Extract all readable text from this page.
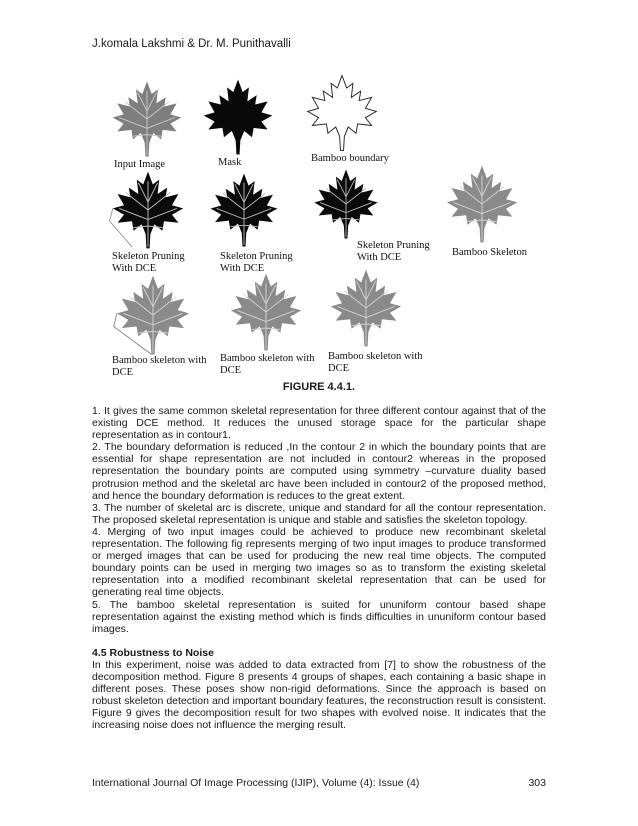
J.komala Lakshmi & Dr. M. Punithavalli
Input Image	Mask	Bamboo boundary
Skeleton Pruning With DCE
Skeleton Pruning With DCE
Skeleton Pruning With DCE	Bamboo Skeleton
Bamboo skeleton with DCE
Bamboo skeleton with DCE
Bamboo skeleton with DCE
FIGURE 4.4.1.

1. It gives the same common skeletal representation for three different contour against that of the existing DCE method. It reduces the unused storage space for the particular shape representation as in contour1.

2. The boundary deformation is reduced ,In the contour 2 in which the boundary points that are essential for shape representation are not included in contour2 whereas in the proposed representation the boundary points are computed using symmetry –curvature duality based protrusion method and the skeletal arc have been included in contour2 of the proposed method, and hence the boundary deformation is reduces to the great extent.

3. The number of skeletal arc is discrete, unique and standard for all the contour representation. The proposed skeletal representation is unique and stable and satisfies the skeleton topology.

4. Merging of two input images could be achieved to produce new recombinant skeletal representation. The following fig represents merging of two input images to produce transformed or merged images that can be used for producing the new real time objects. The computed boundary points can be used in merging two images so as to transform the existing skeletal representation into a modified recombinant skeletal representation that can be used for generating real time objects.

5. The bamboo skeletal representation is suited for ununiform contour based shape representation against the existing method which is finds difficulties in ununiform contour based images.

4.5 Robustness to Noise

In this experiment, noise was added to data extracted from [7] to show the robustness of the decomposition method. Figure 8 presents 4 groups of shapes, each containing a basic shape in different poses. These poses show non-rigid deformations. Since the approach is based on robust skeleton detection and important boundary features, the reconstruction result is consistent. Figure 9 gives the decomposition result for two shapes with evolved noise. It indicates that the increasing noise does not influence the merging result.

International Journal Of Image Processing (IJIP), Volume (4): Issue (4)	303
